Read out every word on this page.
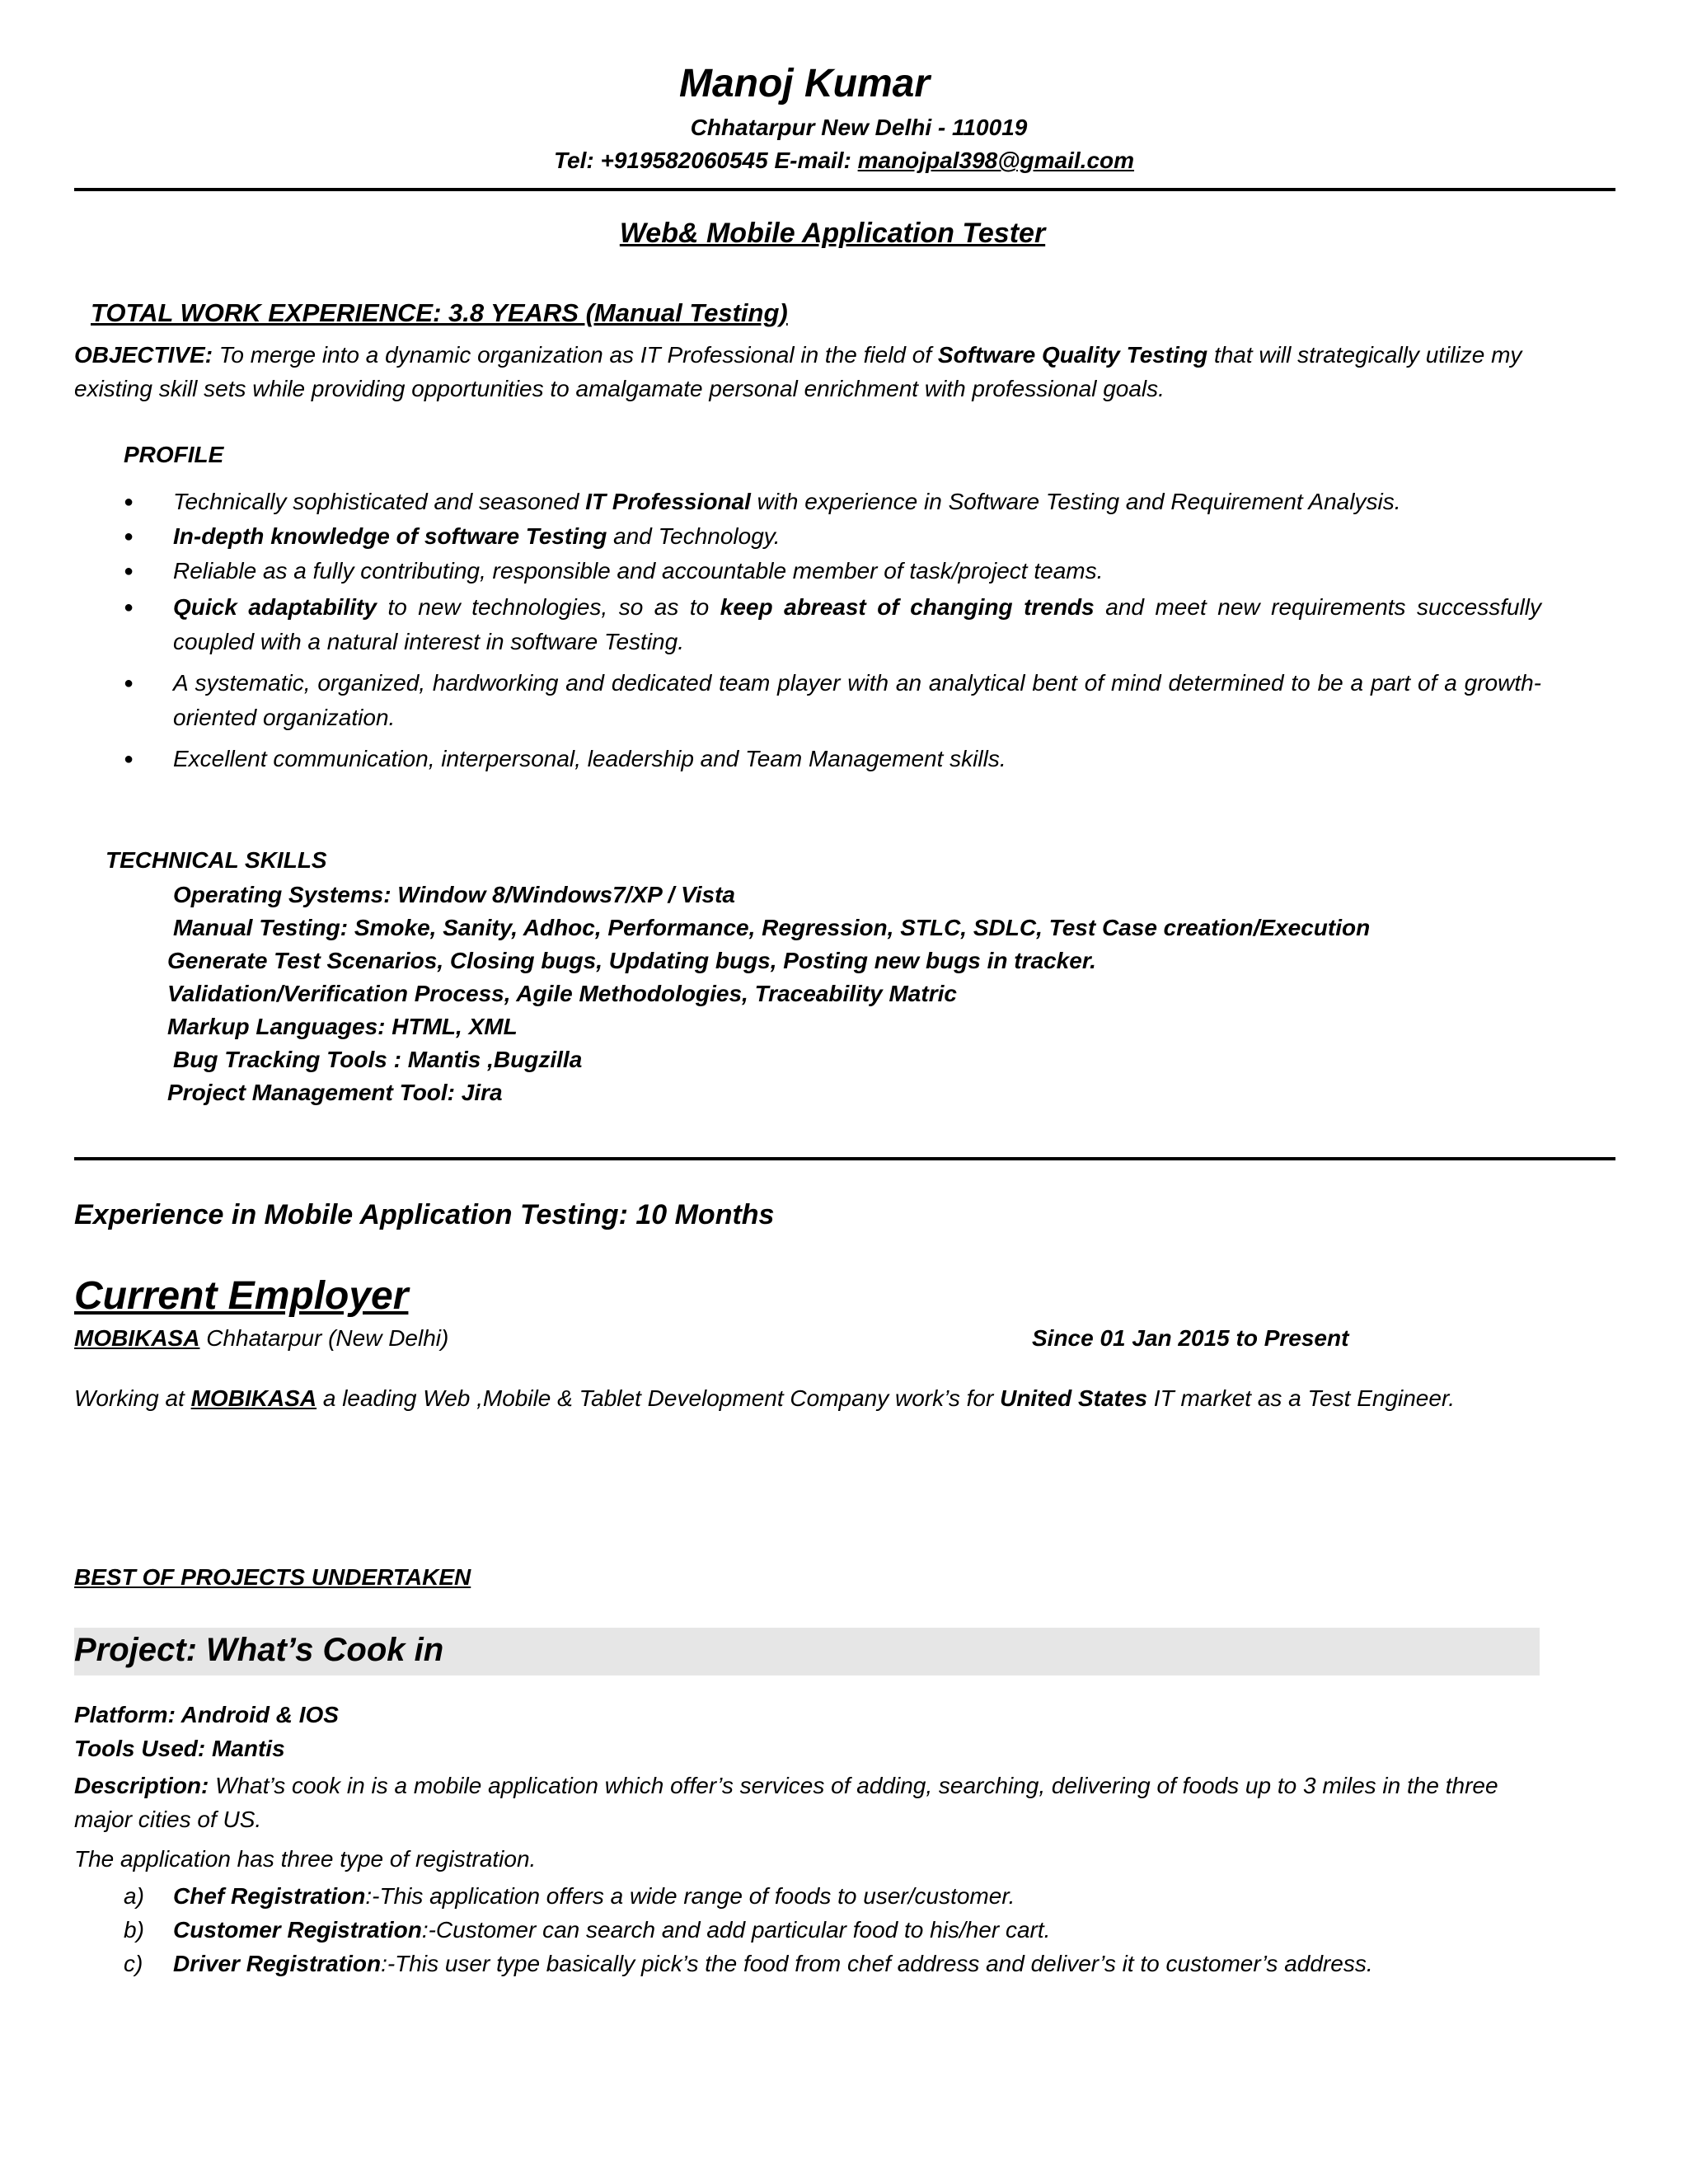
Manoj Kumar
Chhatarpur New Delhi - 110019
Tel: +919582060545 E-mail: manojpal398@gmail.com
Web& Mobile Application Tester
TOTAL WORK EXPERIENCE: 3.8 YEARS (Manual Testing)
OBJECTIVE: To merge into a dynamic organization as IT Professional in the field of Software Quality Testing that will strategically utilize my existing skill sets while providing opportunities to amalgamate personal enrichment with professional goals.
PROFILE
● Technically sophisticated and seasoned IT Professional with experience in Software Testing and Requirement Analysis.
● In-depth knowledge of software Testing and Technology.
● Reliable as a fully contributing, responsible and accountable member of task/project teams.
● Quick adaptability to new technologies, so as to keep abreast of changing trends and meet new requirements successfully coupled with a natural interest in software Testing.
● A systematic, organized, hardworking and dedicated team player with an analytical bent of mind determined to be a part of a growth-oriented organization.
● Excellent communication, interpersonal, leadership and Team Management skills.
TECHNICAL SKILLS
Operating Systems: Window 8/Windows7/XP / Vista
Manual Testing: Smoke, Sanity, Adhoc, Performance, Regression, STLC, SDLC, Test Case creation/Execution
Generate Test Scenarios, Closing bugs, Updating bugs, Posting new bugs in tracker.
Validation/Verification Process, Agile Methodologies, Traceability Matric
Markup Languages: HTML, XML
Bug Tracking Tools : Mantis ,Bugzilla
Project Management Tool: Jira
Experience in Mobile Application Testing: 10 Months
Current Employer
MOBIKASA Chhatarpur (New Delhi)	Since 01 Jan 2015 to Present
Working at MOBIKASA a leading Web ,Mobile & Tablet Development Company work’s for United States IT market as a Test Engineer.
BEST OF PROJECTS UNDERTAKEN
Project: What’s Cook in
Platform: Android & IOS
Tools Used: Mantis
Description: What’s cook in is a mobile application which offer’s services of adding, searching, delivering of foods up to 3 miles in the three major cities of US.
The application has three type of registration.
a) Chef Registration:-This application offers a wide range of foods to user/customer.
b) Customer Registration:-Customer can search and add particular food to his/her cart.
c) Driver Registration:-This user type basically pick’s the food from chef address and deliver’s it to customer’s address.
